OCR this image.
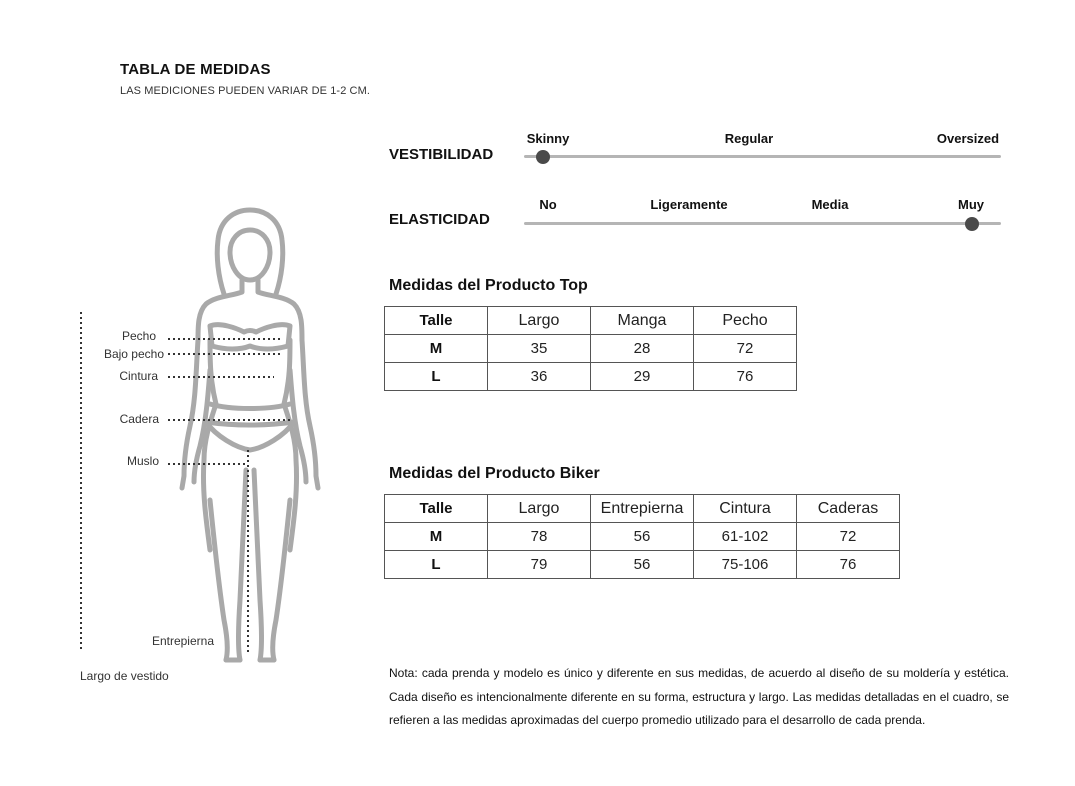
TABLA DE MEDIDAS
LAS MEDICIONES PUEDEN VARIAR DE 1-2 CM.
VESTIBILIDAD
Skinny	Regular	Oversized
ELASTICIDAD
No	Ligeramente	Media	Muy
Pecho
Bajo pecho
Cintura
Cadera
Muslo
Entrepierna
Largo de vestido
Medidas del Producto Top
Talle	Largo	Manga	Pecho
M	35	28	72
L	36	29	76
Medidas del Producto Biker
Talle	Largo	Entrepierna	Cintura	Caderas
M	78	56	61-102	72
L	79	56	75-106	76
Nota: cada prenda y modelo es único y diferente en sus medidas, de acuerdo al diseño de su moldería y estética. Cada diseño es intencionalmente diferente en su forma, estructura y largo. Las medidas detalladas en el cuadro, se refieren a las medidas aproximadas del cuerpo promedio utilizado para el desarrollo de cada prenda.
